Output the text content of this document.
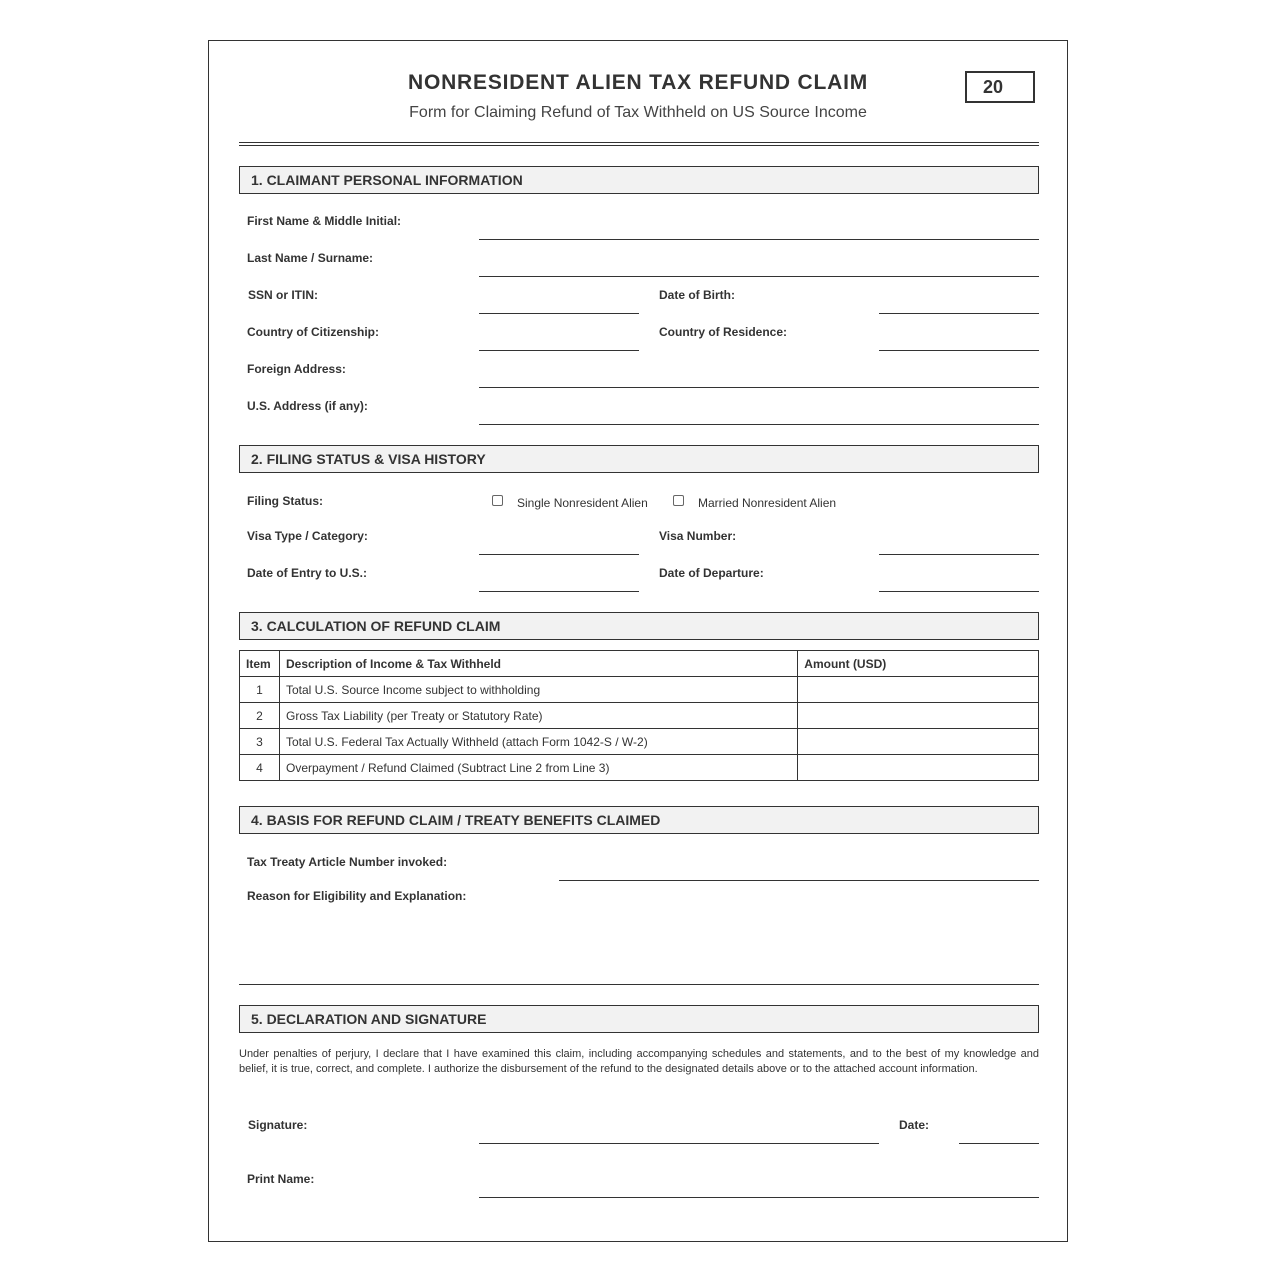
NONRESIDENT ALIEN TAX REFUND CLAIM
Form for Claiming Refund of Tax Withheld on US Source Income
20
1. CLAIMANT PERSONAL INFORMATION
First Name & Middle Initial:
Last Name / Surname:
SSN or ITIN:	Date of Birth:
Country of Citizenship:	Country of Residence:
Foreign Address:
U.S. Address (if any):
2. FILING STATUS & VISA HISTORY
Filing Status:	Single Nonresident Alien	Married Nonresident Alien
Visa Type / Category:	Visa Number:
Date of Entry to U.S.:	Date of Departure:
3. CALCULATION OF REFUND CLAIM
Item	Description of Income & Tax Withheld	Amount (USD)
1	Total U.S. Source Income subject to withholding	
2	Gross Tax Liability (per Treaty or Statutory Rate)	
3	Total U.S. Federal Tax Actually Withheld (attach Form 1042-S / W-2)	
4	Overpayment / Refund Claimed (Subtract Line 2 from Line 3)	
4. BASIS FOR REFUND CLAIM / TREATY BENEFITS CLAIMED
Tax Treaty Article Number invoked:
Reason for Eligibility and Explanation:
5. DECLARATION AND SIGNATURE
Under penalties of perjury, I declare that I have examined this claim, including accompanying schedules and statements, and to the best of my knowledge and belief, it is true, correct, and complete. I authorize the disbursement of the refund to the designated details above or to the attached account information.
Signature:	Date:
Print Name:
